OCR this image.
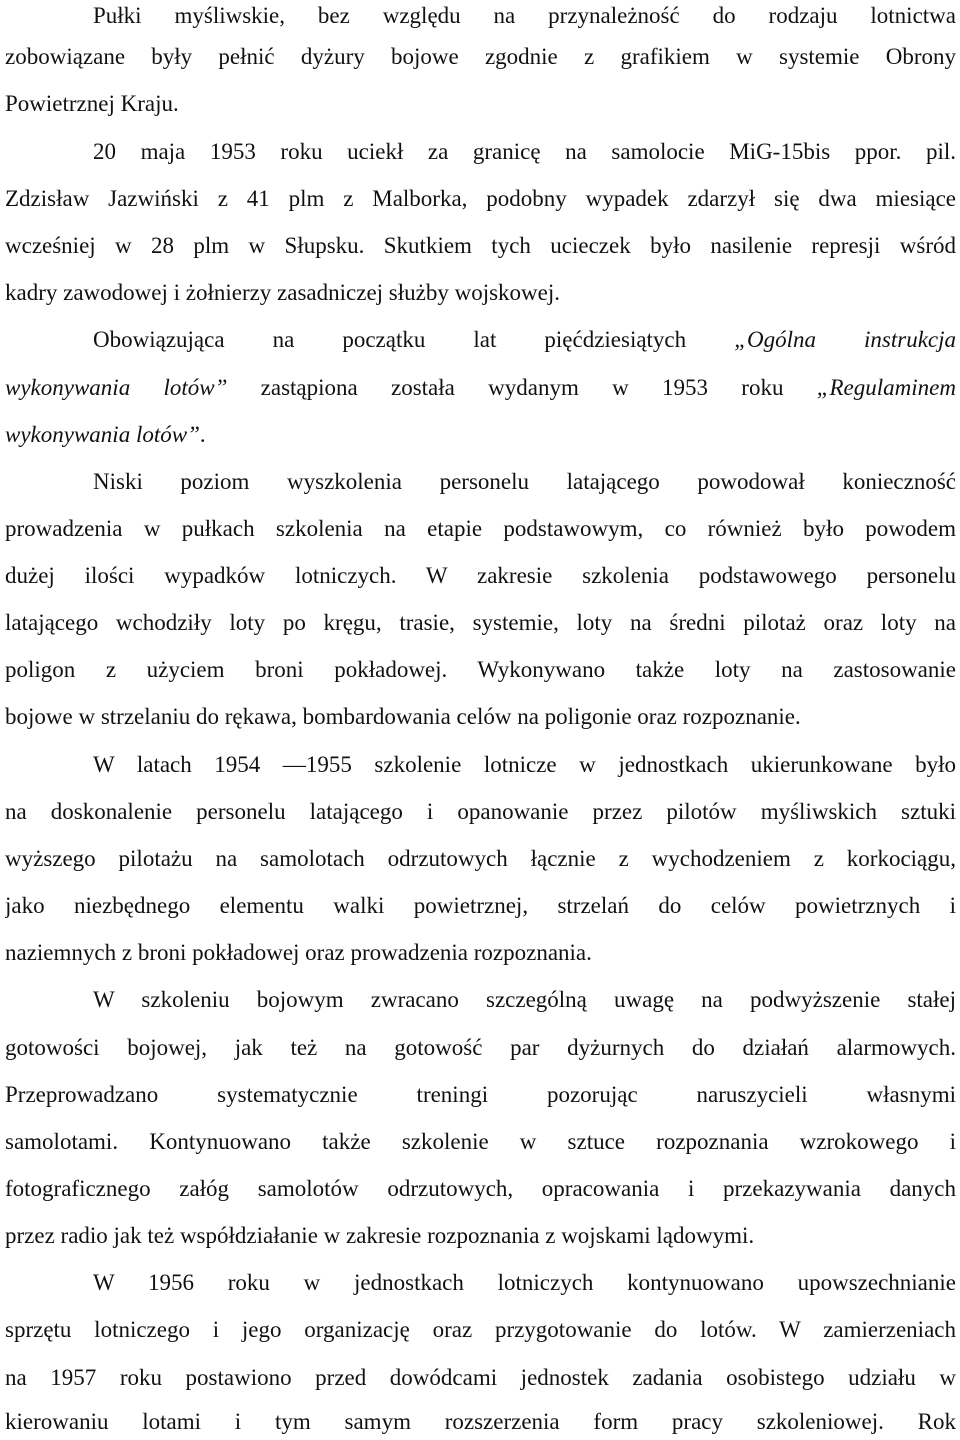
Pułki myśliwskie, bez względu na przynależność do rodzaju lotnictwa
zobowiązane były pełnić dyżury bojowe zgodnie z grafikiem w systemie Obrony
Powietrznej Kraju.
20 maja 1953 roku uciekł za granicę na samolocie MiG-15bis ppor. pil.
Zdzisław Jazwiński z 41 plm z Malborka, podobny wypadek zdarzył się dwa miesiące
wcześniej w 28 plm w Słupsku. Skutkiem tych ucieczek było nasilenie represji wśród
kadry zawodowej i żołnierzy zasadniczej służby wojskowej.
Obowiązująca na początku lat pięćdziesiątych „Ogólna instrukcja
wykonywania lotów” zastąpiona została wydanym w 1953 roku „Regulaminem
wykonywania lotów”.
Niski poziom wyszkolenia personelu latającego powodował konieczność
prowadzenia w pułkach szkolenia na etapie podstawowym, co również było powodem
dużej ilości wypadków lotniczych. W zakresie szkolenia podstawowego personelu
latającego wchodziły loty po kręgu, trasie, systemie, loty na średni pilotaż oraz loty na
poligon z użyciem broni pokładowej. Wykonywano także loty na zastosowanie
bojowe w strzelaniu do rękawa, bombardowania celów na poligonie oraz rozpoznanie.
W latach 1954 —1955 szkolenie lotnicze w jednostkach ukierunkowane było
na doskonalenie personelu latającego i opanowanie przez pilotów myśliwskich sztuki
wyższego pilotażu na samolotach odrzutowych łącznie z wychodzeniem z korkociągu,
jako niezbędnego elementu walki powietrznej, strzelań do celów powietrznych i
naziemnych z broni pokładowej oraz prowadzenia rozpoznania.
W szkoleniu bojowym zwracano szczególną uwagę na podwyższenie stałej
gotowości bojowej, jak też na gotowość par dyżurnych do działań alarmowych.
Przeprowadzano systematycznie treningi pozorując naruszycieli własnymi
samolotami. Kontynuowano także szkolenie w sztuce rozpoznania wzrokowego i
fotograficznego załóg samolotów odrzutowych, opracowania i przekazywania danych
przez radio jak też współdziałanie w zakresie rozpoznania z wojskami lądowymi.
W 1956 roku w jednostkach lotniczych kontynuowano upowszechnianie
sprzętu lotniczego i jego organizację oraz przygotowanie do lotów. W zamierzeniach
na 1957 roku postawiono przed dowódcami jednostek zadania osobistego udziału w
kierowaniu lotami i tym samym rozszerzenia form pracy szkoleniowej. Rok
